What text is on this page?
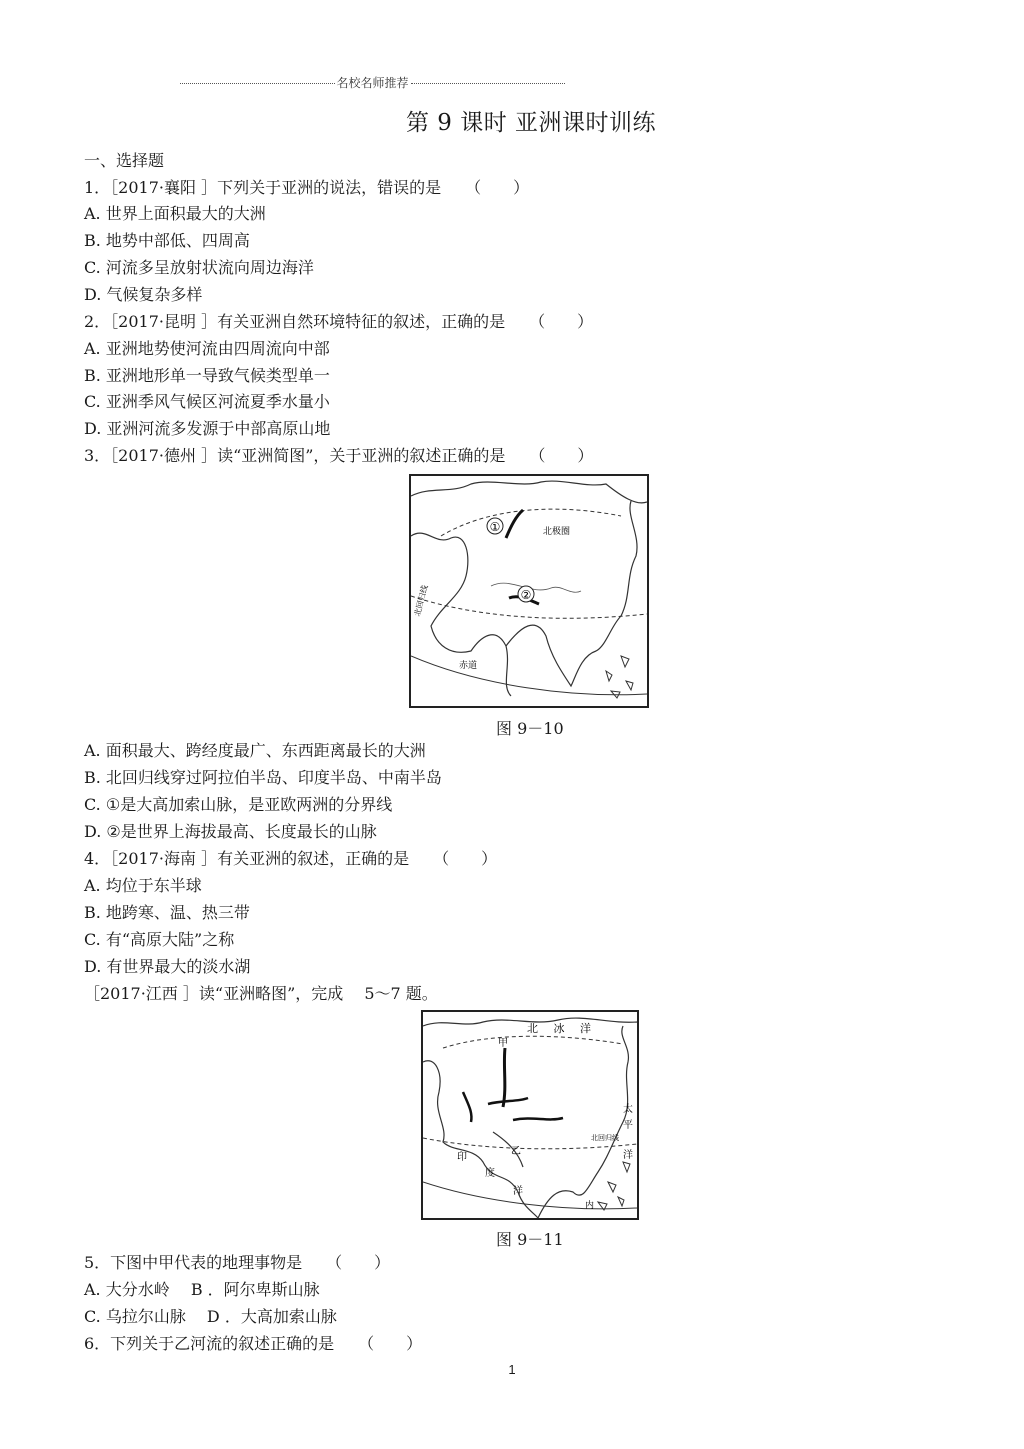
名校名师推荐
第 9 课时 亚洲课时训练
一、选择题
1．［2017·襄阳 ］下列关于亚洲的说法，错误的是　　（　　）
A. 世界上面积最大的大洲
B. 地势中部低、四周高
C. 河流多呈放射状流向周边海洋
D. 气候复杂多样
2．［2017·昆明 ］有关亚洲自然环境特征的叙述，正确的是　　（　　）
A. 亚洲地势使河流由四周流向中部
B. 亚洲地形单一导致气候类型单一
C. 亚洲季风气候区河流夏季水量小
D. 亚洲河流多发源于中部高原山地
3．［2017·德州 ］读“亚洲简图”，关于亚洲的叙述正确的是　　（　　）
①
②
北极圈
北回归线
赤道
图 9－10
A. 面积最大、跨经度最广、东西距离最长的大洲
B. 北回归线穿过阿拉伯半岛、印度半岛、中南半岛
C. ①是大高加索山脉，是亚欧两洲的分界线
D. ②是世界上海拔最高、长度最长的山脉
4．［2017·海南 ］有关亚洲的叙述，正确的是　　（　　）
A. 均位于东半球
B. 地跨寒、温、热三带
C. 有“高原大陆”之称
D. 有世界最大的淡水湖
［2017·江西 ］读“亚洲略图”，完成　 5～7 题。
北 冰 洋
甲
乙
太
平
洋
北回归线
印
度
洋
内
图 9－11
5．下图中甲代表的地理事物是　　（　　）
A. 大分水岭　 B ．阿尔卑斯山脉
C. 乌拉尔山脉　 D ．大高加索山脉
6．下列关于乙河流的叙述正确的是　　（　　）
1
